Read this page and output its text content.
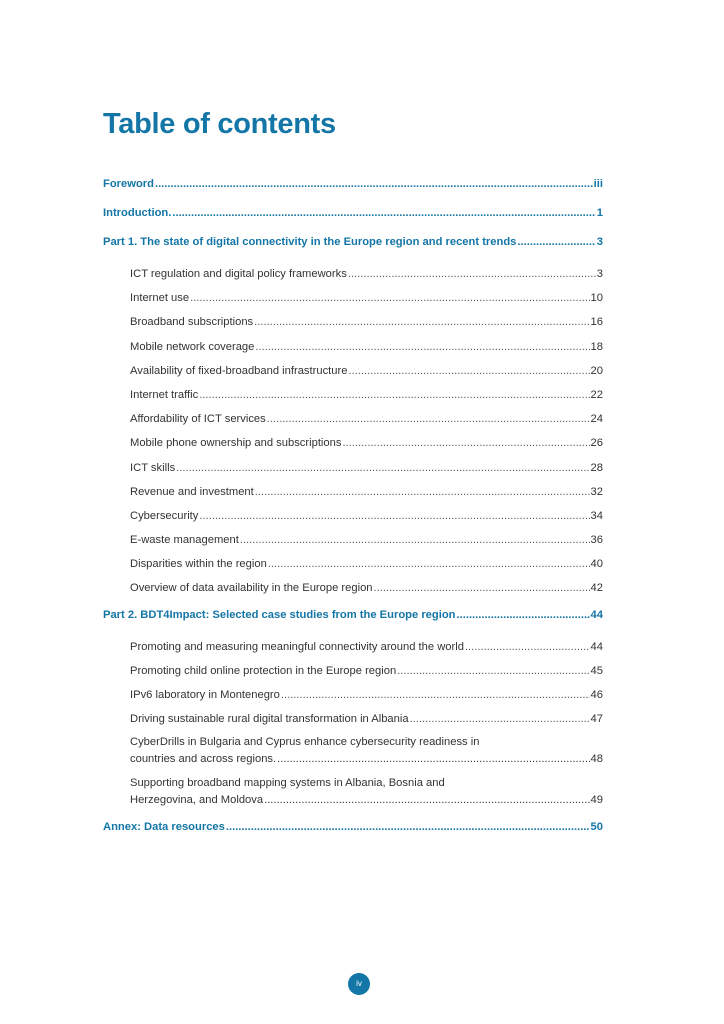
Table of contents
Foreword .....	iii
Introduction. .....	1
Part 1. The state of digital connectivity in the Europe region and recent trends .....	3
ICT regulation and digital policy frameworks .....	3
Internet use .....	10
Broadband subscriptions .....	16
Mobile network coverage .....	18
Availability of fixed-broadband infrastructure .....	20
Internet traffic .....	22
Affordability of ICT services .....	24
Mobile phone ownership and subscriptions .....	26
ICT skills .....	28
Revenue and investment .....	32
Cybersecurity .....	34
E-waste management .....	36
Disparities within the region .....	40
Overview of data availability in the Europe region .....	42
Part 2. BDT4Impact: Selected case studies from the Europe region .....	44
Promoting and measuring meaningful connectivity around the world .....	44
Promoting child online protection in the Europe region .....	45
IPv6 laboratory in Montenegro .....	46
Driving sustainable rural digital transformation in Albania .....	47
CyberDrills in Bulgaria and Cyprus enhance cybersecurity readiness in
countries and across regions. .....	48
Supporting broadband mapping systems in Albania, Bosnia and
Herzegovina, and Moldova .....	49
Annex: Data resources .....	50
iv
